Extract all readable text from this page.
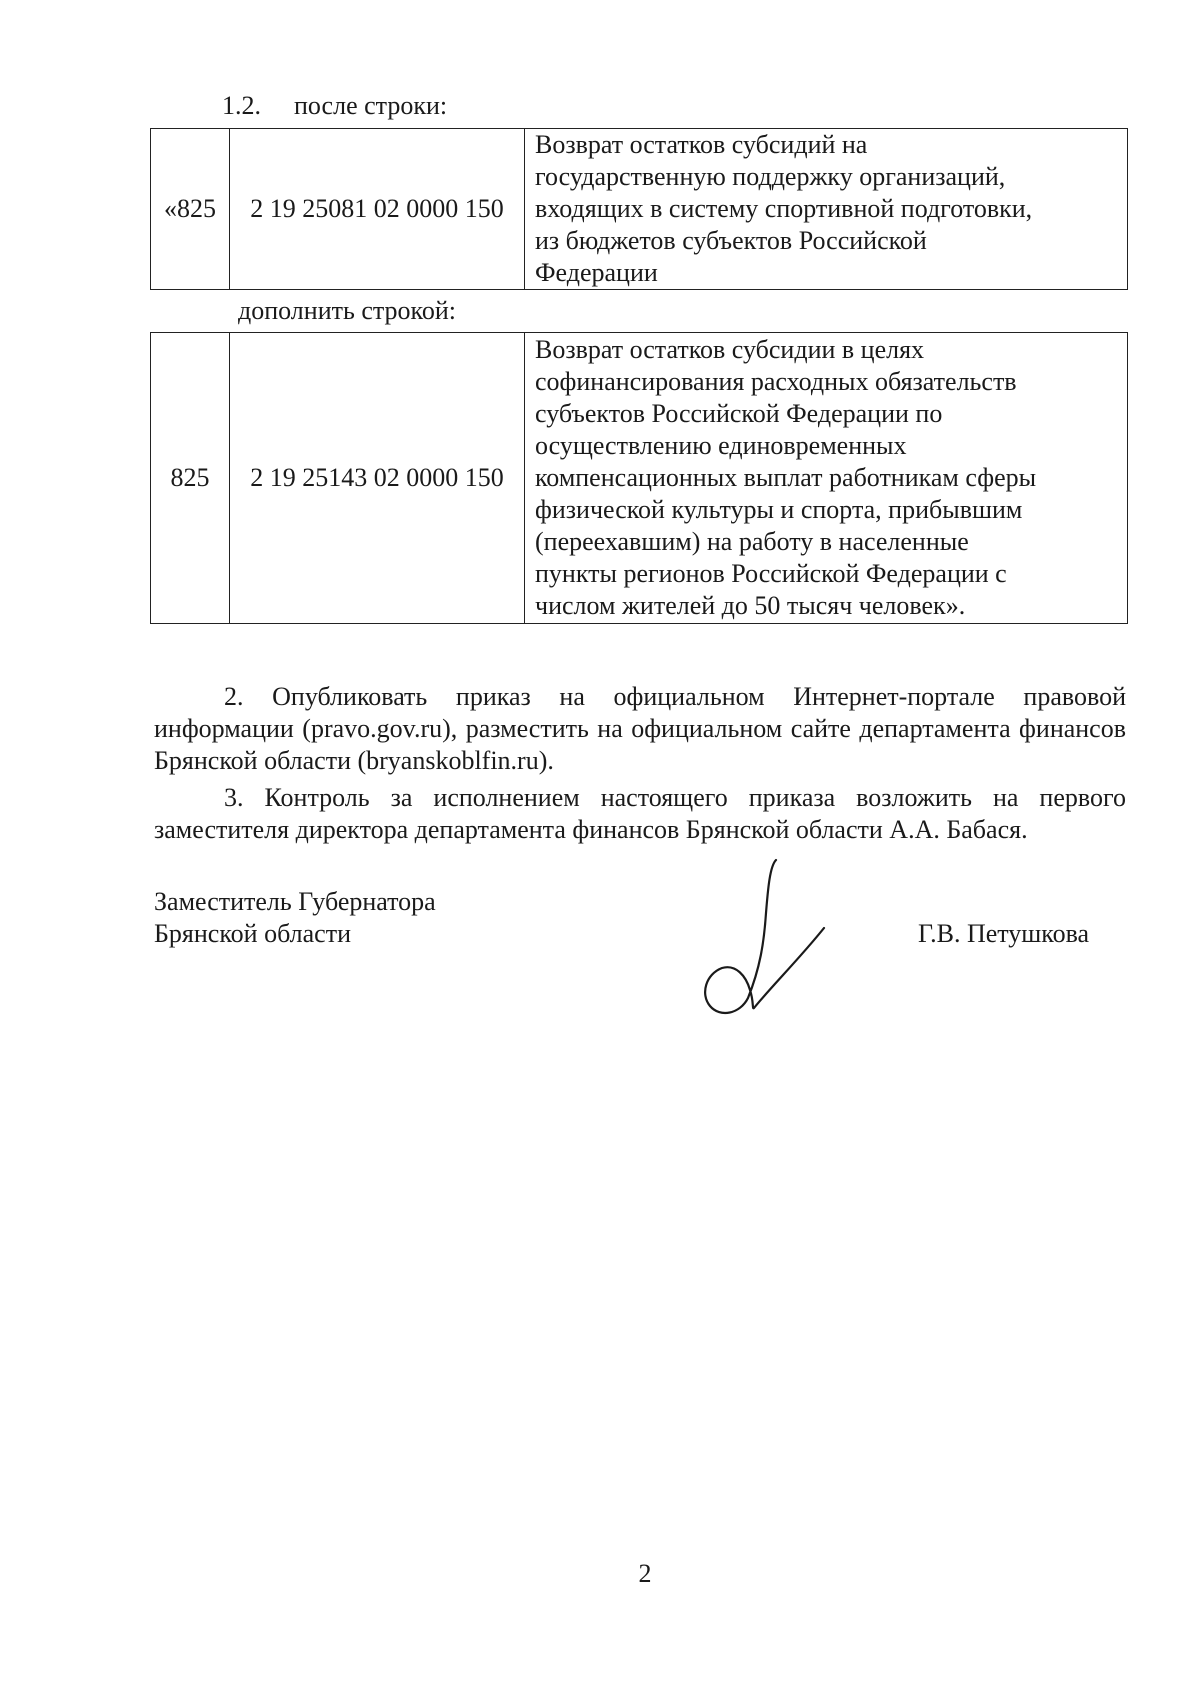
1.2. после строки:
«825	2 19 25081 02 0000 150	
Возврат остатков субсидий на
государственную поддержку организаций,
входящих в систему спортивной подготовки,
из бюджетов субъектов Российской
Федерации
дополнить строкой:
825	2 19 25143 02 0000 150	
Возврат остатков субсидии в целях
софинансирования расходных обязательств
субъектов Российской Федерации по
осуществлению единовременных
компенсационных выплат работникам сферы
физической культуры и спорта, прибывшим
(переехавшим) на работу в населенные
пункты регионов Российской Федерации с
числом жителей до 50 тысяч человек».

2. Опубликовать приказ на официальном Интернет-портале правовой информации (pravo.gov.ru), разместить на официальном сайте департамента финансов Брянской области (bryanskoblfin.ru).

3. Контроль за исполнением настоящего приказа возложить на первого заместителя директора департамента финансов Брянской области А.А. Бабася.

Заместитель Губернатора
Брянской области	Г.В. Петушкова
2
